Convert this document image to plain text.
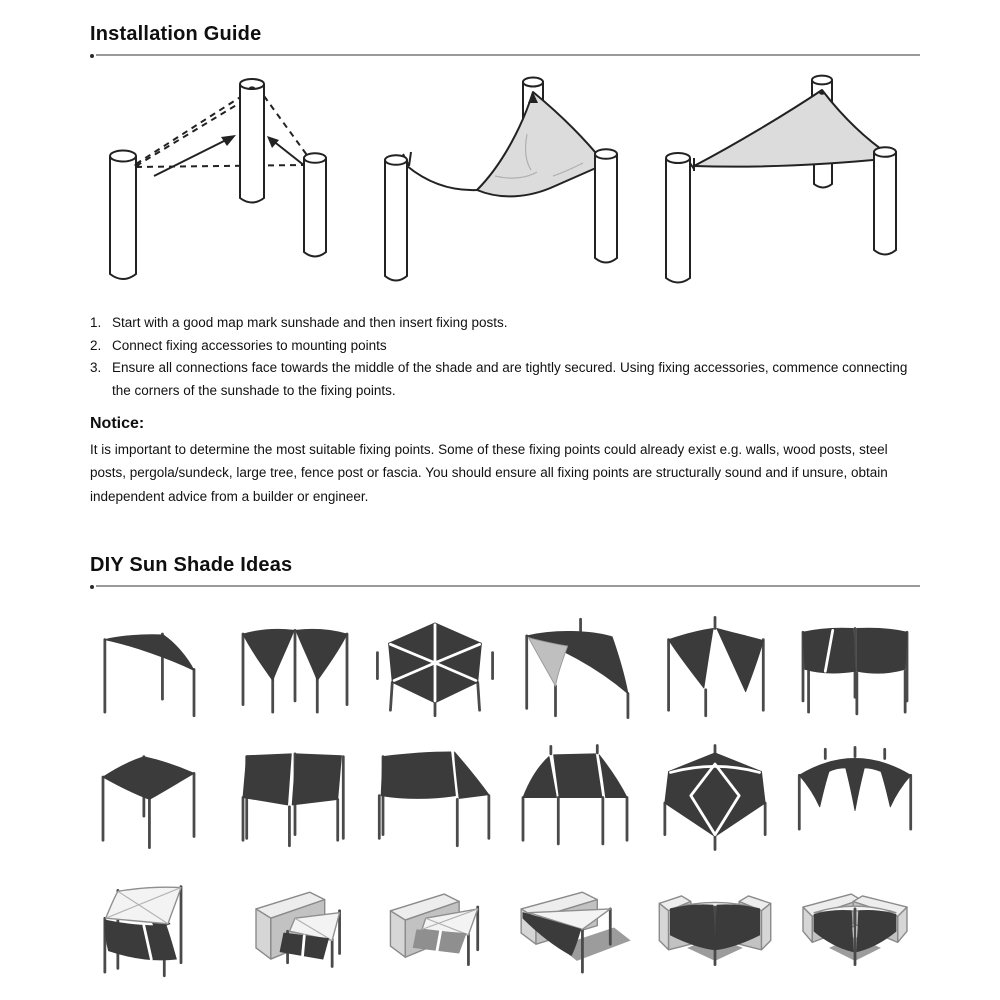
Installation Guide
1. Start with a good map mark sunshade and then insert fixing posts.
2. Connect fixing accessories to mounting points
3. Ensure all connections face towards the middle of the shade and are tightly secured. Using fixing accessories, commence connecting the corners of the sunshade to the fixing points.
Notice:

It is important to determine the most suitable fixing points. Some of these fixing points could already exist e.g. walls, wood posts, steel posts, pergola/sundeck, large tree, fence post or fascia. You should ensure all fixing points are structurally sound and if unsure, obtain independent advice from a builder or engineer.

DIY Sun Shade Ideas
